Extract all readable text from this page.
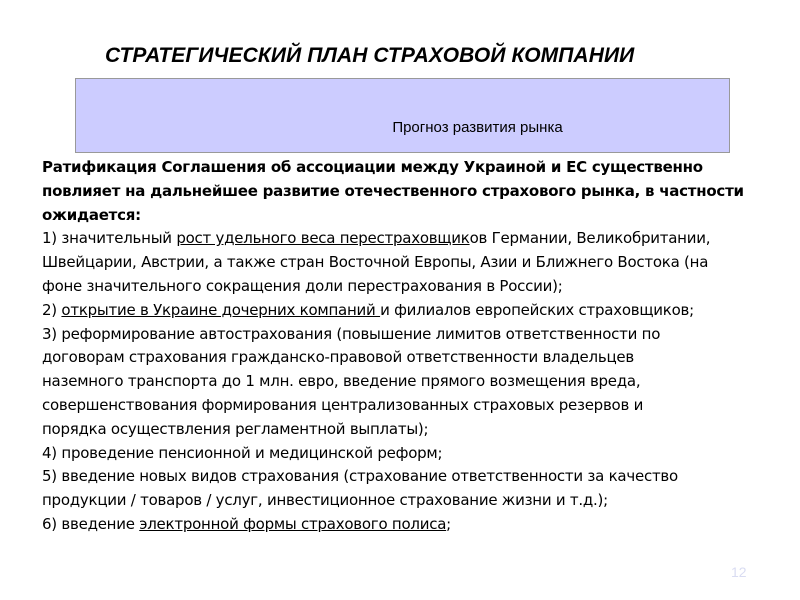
СТРАТЕГИЧЕСКИЙ ПЛАН СТРАХОВОЙ КОМПАНИИ
Прогноз развития рынка
Ратификация Соглашения об ассоциации между Украиной и ЕС существенно
повлияет на дальнейшее развитие отечественного страхового рынка, в частности
ожидается:
1) значительный рост удельного веса перестраховщиков Германии, Великобритании,
Швейцарии, Австрии, а также стран Восточной Европы, Азии и Ближнего Востока (на
фоне значительного сокращения доли перестрахования в России);
2) открытие в Украине дочерних компаний и филиалов европейских страховщиков;
3) реформирование автострахования (повышение лимитов ответственности по
договорам страхования гражданско-правовой ответственности владельцев
наземного транспорта до 1 млн. евро, введение прямого возмещения вреда,
совершенствования формирования централизованных страховых резервов и
порядка осуществления регламентной выплаты);
4) проведение пенсионной и медицинской реформ;
5) введение новых видов страхования (страхование ответственности за качество
продукции / товаров / услуг, инвестиционное страхование жизни и т.д.);
6) введение электронной формы страхового полиса;
12
